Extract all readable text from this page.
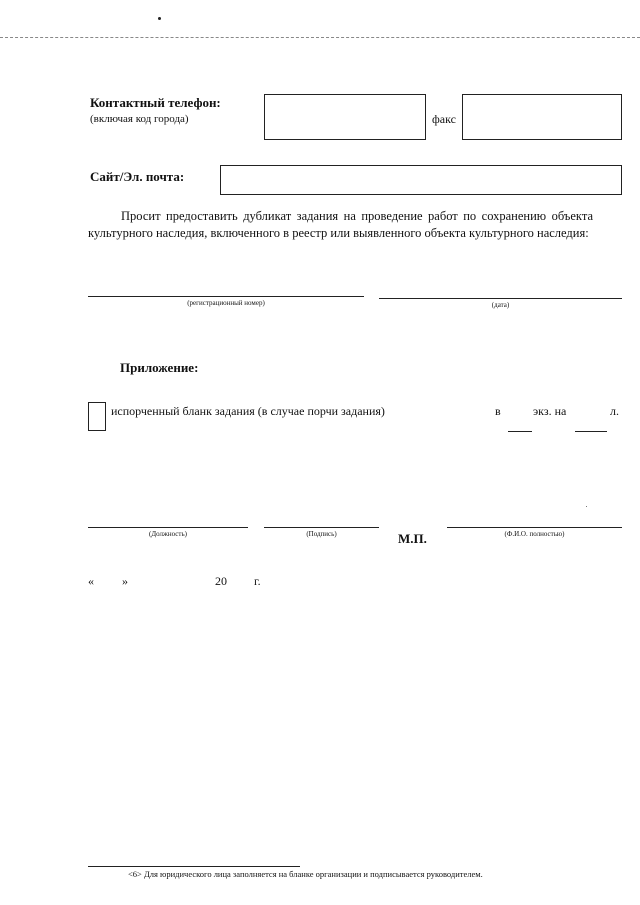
Контактный телефон:
(включая код города)	факс
Сайт/Эл. почта:
Просит предоставить дубликат задания на проведение работ по сохранению объекта культурного наследия, включенного в реестр или выявленного объекта культурного наследия:
(регистрационный номер)	(дата)
Приложение:
испорченный бланк задания (в случае порчи задания)	в	экз. на	л.
(Должность)	(Подпись)	М.П.	(Ф.И.О. полностью)
« »	20 г.
<6> Для юридического лица заполняется на бланке организации и подписывается руководителем.
